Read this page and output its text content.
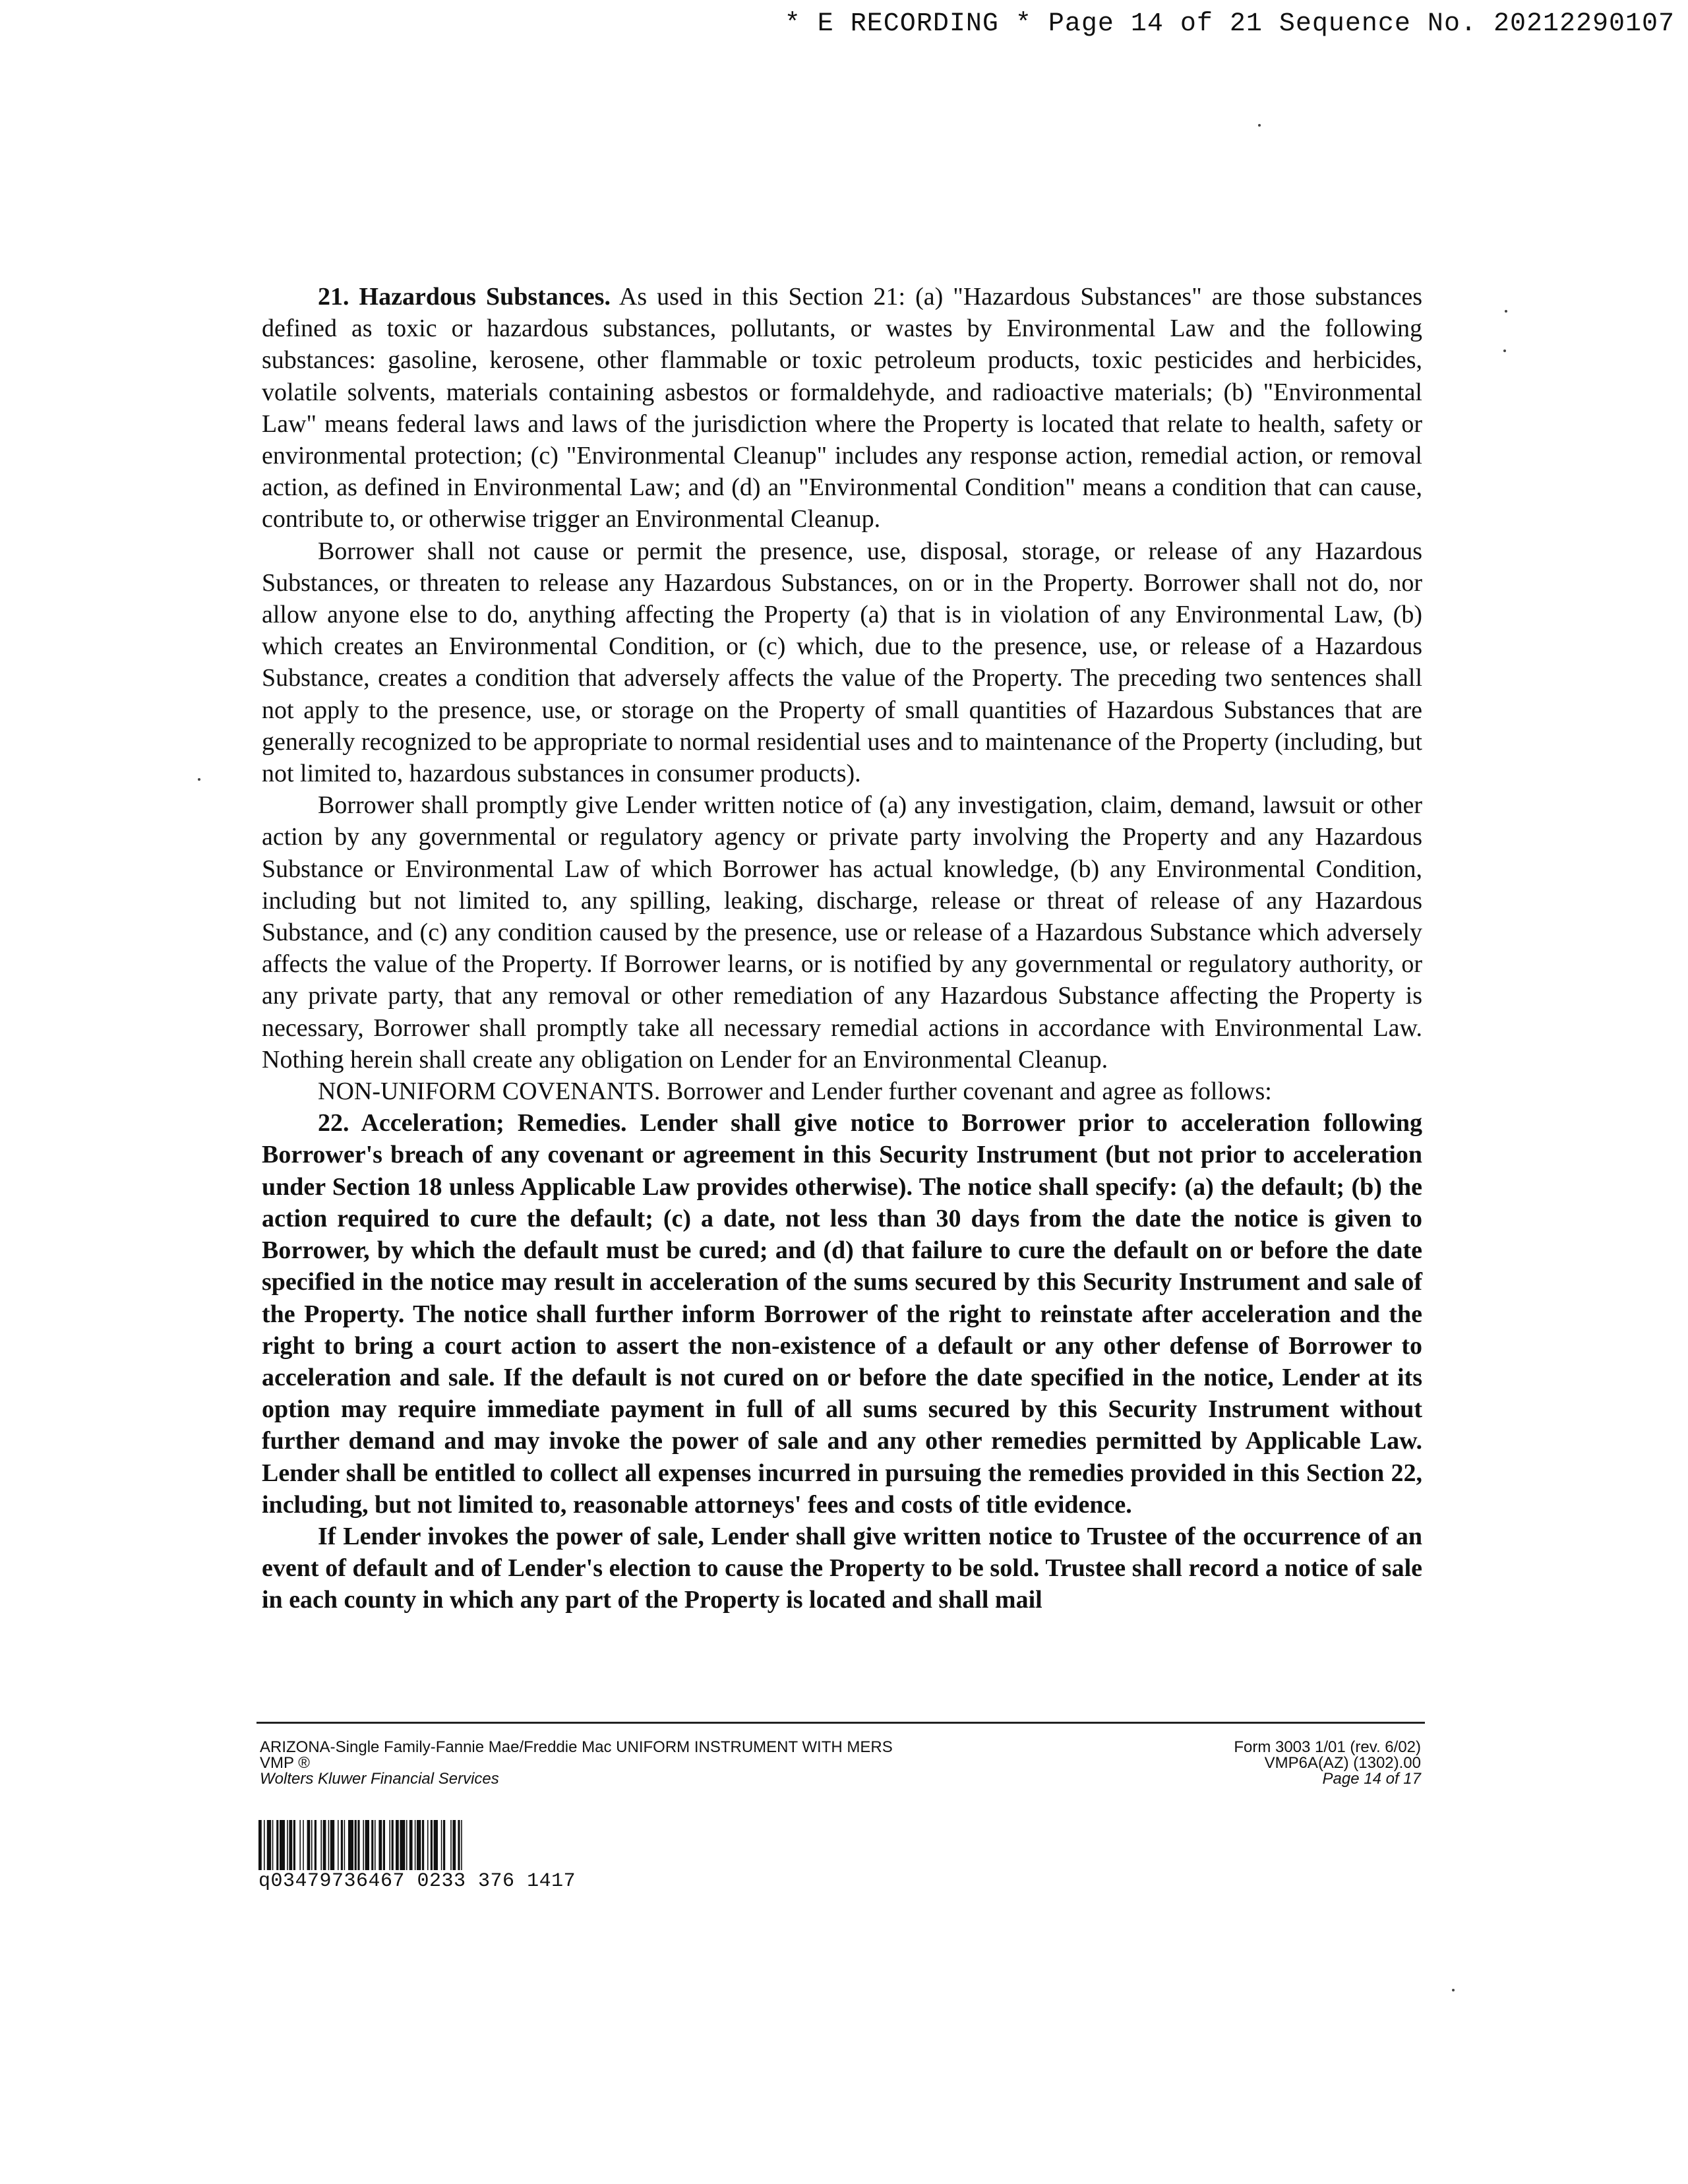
* E RECORDING * Page 14 of 21 Sequence No. 20212290107

21. Hazardous Substances. As used in this Section 21: (a) "Hazardous Substances" are those substances defined as toxic or hazardous substances, pollutants, or wastes by Environmental Law and the following substances: gasoline, kerosene, other flammable or toxic petroleum products, toxic pesticides and herbicides, volatile solvents, materials containing asbestos or formaldehyde, and radioactive materials; (b) "Environmental Law" means federal laws and laws of the jurisdiction where the Property is located that relate to health, safety or environmental protection; (c) "Environmental Cleanup" includes any response action, remedial action, or removal action, as defined in Environmental Law; and (d) an "Environmental Condition" means a condition that can cause, contribute to, or otherwise trigger an Environmental Cleanup.

Borrower shall not cause or permit the presence, use, disposal, storage, or release of any Hazardous Substances, or threaten to release any Hazardous Substances, on or in the Property. Borrower shall not do, nor allow anyone else to do, anything affecting the Property (a) that is in violation of any Environmental Law, (b) which creates an Environmental Condition, or (c) which, due to the presence, use, or release of a Hazardous Substance, creates a condition that adversely affects the value of the Property. The preceding two sentences shall not apply to the presence, use, or storage on the Property of small quantities of Hazardous Substances that are generally recognized to be appropriate to normal residential uses and to maintenance of the Property (including, but not limited to, hazardous substances in consumer products).

Borrower shall promptly give Lender written notice of (a) any investigation, claim, demand, lawsuit or other action by any governmental or regulatory agency or private party involving the Property and any Hazardous Substance or Environmental Law of which Borrower has actual knowledge, (b) any Environmental Condition, including but not limited to, any spilling, leaking, discharge, release or threat of release of any Hazardous Substance, and (c) any condition caused by the presence, use or release of a Hazardous Substance which adversely affects the value of the Property. If Borrower learns, or is notified by any governmental or regulatory authority, or any private party, that any removal or other remediation of any Hazardous Substance affecting the Property is necessary, Borrower shall promptly take all necessary remedial actions in accordance with Environmental Law. Nothing herein shall create any obligation on Lender for an Environmental Cleanup.

NON-UNIFORM COVENANTS. Borrower and Lender further covenant and agree as follows:

22. Acceleration; Remedies. Lender shall give notice to Borrower prior to acceleration following Borrower's breach of any covenant or agreement in this Security Instrument (but not prior to acceleration under Section 18 unless Applicable Law provides otherwise). The notice shall specify: (a) the default; (b) the action required to cure the default; (c) a date, not less than 30 days from the date the notice is given to Borrower, by which the default must be cured; and (d) that failure to cure the default on or before the date specified in the notice may result in acceleration of the sums secured by this Security Instrument and sale of the Property. The notice shall further inform Borrower of the right to reinstate after acceleration and the right to bring a court action to assert the non-existence of a default or any other defense of Borrower to acceleration and sale. If the default is not cured on or before the date specified in the notice, Lender at its option may require immediate payment in full of all sums secured by this Security Instrument without further demand and may invoke the power of sale and any other remedies permitted by Applicable Law. Lender shall be entitled to collect all expenses incurred in pursuing the remedies provided in this Section 22, including, but not limited to, reasonable attorneys' fees and costs of title evidence.

If Lender invokes the power of sale, Lender shall give written notice to Trustee of the occurrence of an event of default and of Lender's election to cause the Property to be sold. Trustee shall record a notice of sale in each county in which any part of the Property is located and shall mail

ARIZONA-Single Family-Fannie Mae/Freddie Mac UNIFORM INSTRUMENT WITH MERS
VMP ®
Wolters Kluwer Financial Services
Form 3003 1/01 (rev. 6/02)
VMP6A(AZ) (1302).00
Page 14 of 17
q03479736467 0233 376 1417
